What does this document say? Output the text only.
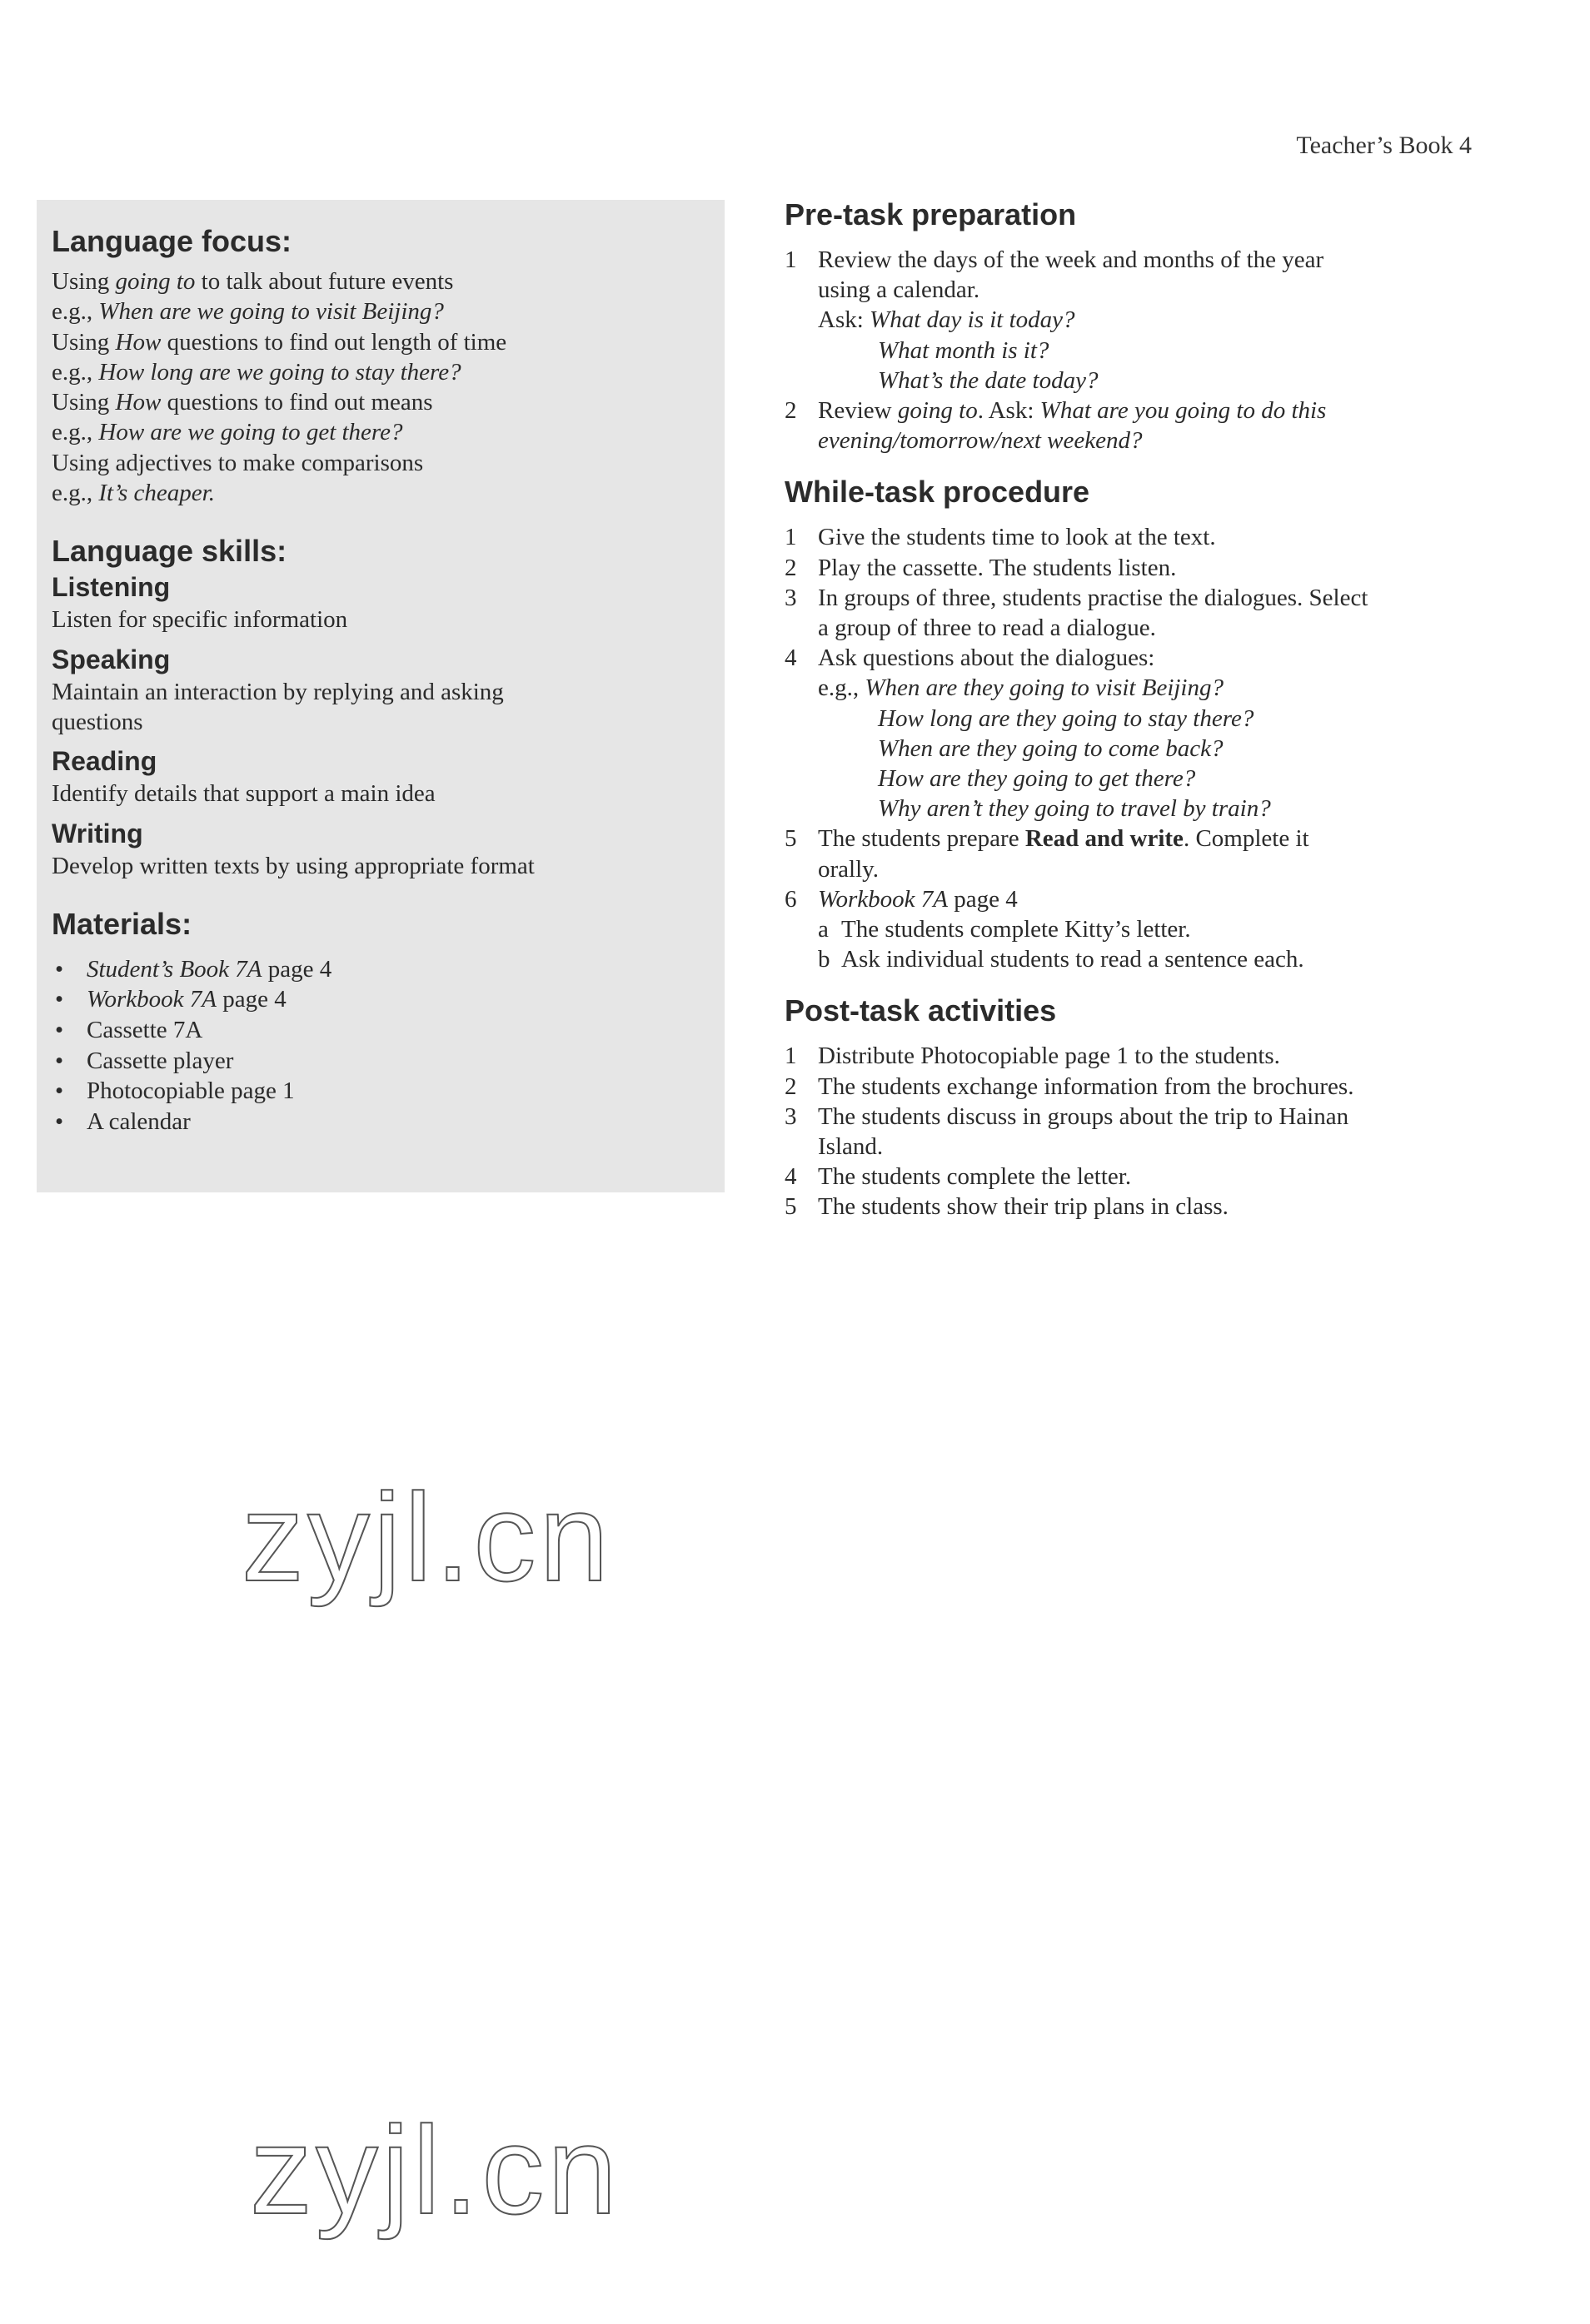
Teacher’s Book 4
Language focus:

Using going to to talk about future events

e.g., When are we going to visit Beijing?

Using How questions to find out length of time

e.g., How long are we going to stay there?

Using How questions to find out means

e.g., How are we going to get there?

Using adjectives to make comparisons

e.g., It’s cheaper.

Language skills:
Listening

Listen for specific information

Speaking

Maintain an interaction by replying and asking

questions

Reading

Identify details that support a main idea

Writing

Develop written texts by using appropriate format

Materials:
• Student’s Book 7A page 4
• Workbook 7A page 4
• Cassette 7A
• Cassette player
• Photocopiable page 1
• A calendar
Pre-task preparation
1 Review the days of the week and months of the year
using a calendar.
Ask: What day is it today?
What month is it?
What’s the date today?
2 Review going to. Ask: What are you going to do this
evening/tomorrow/next weekend?
While-task procedure
1 Give the students time to look at the text.
2 Play the cassette. The students listen.
3 In groups of three, students practise the dialogues. Select
a group of three to read a dialogue.
4 Ask questions about the dialogues:
e.g., When are they going to visit Beijing?
How long are they going to stay there?
When are they going to come back?
How are they going to get there?
Why aren’t they going to travel by train?
5 The students prepare Read and write. Complete it
orally.
6 Workbook 7A page 4
a The students complete Kitty’s letter.
b Ask individual students to read a sentence each.
Post-task activities
1 Distribute Photocopiable page 1 to the students.
2 The students exchange information from the brochures.
3 The students discuss in groups about the trip to Hainan
Island.
4 The students complete the letter.
5 The students show their trip plans in class.
zyjl.cn
zyjl.cn
